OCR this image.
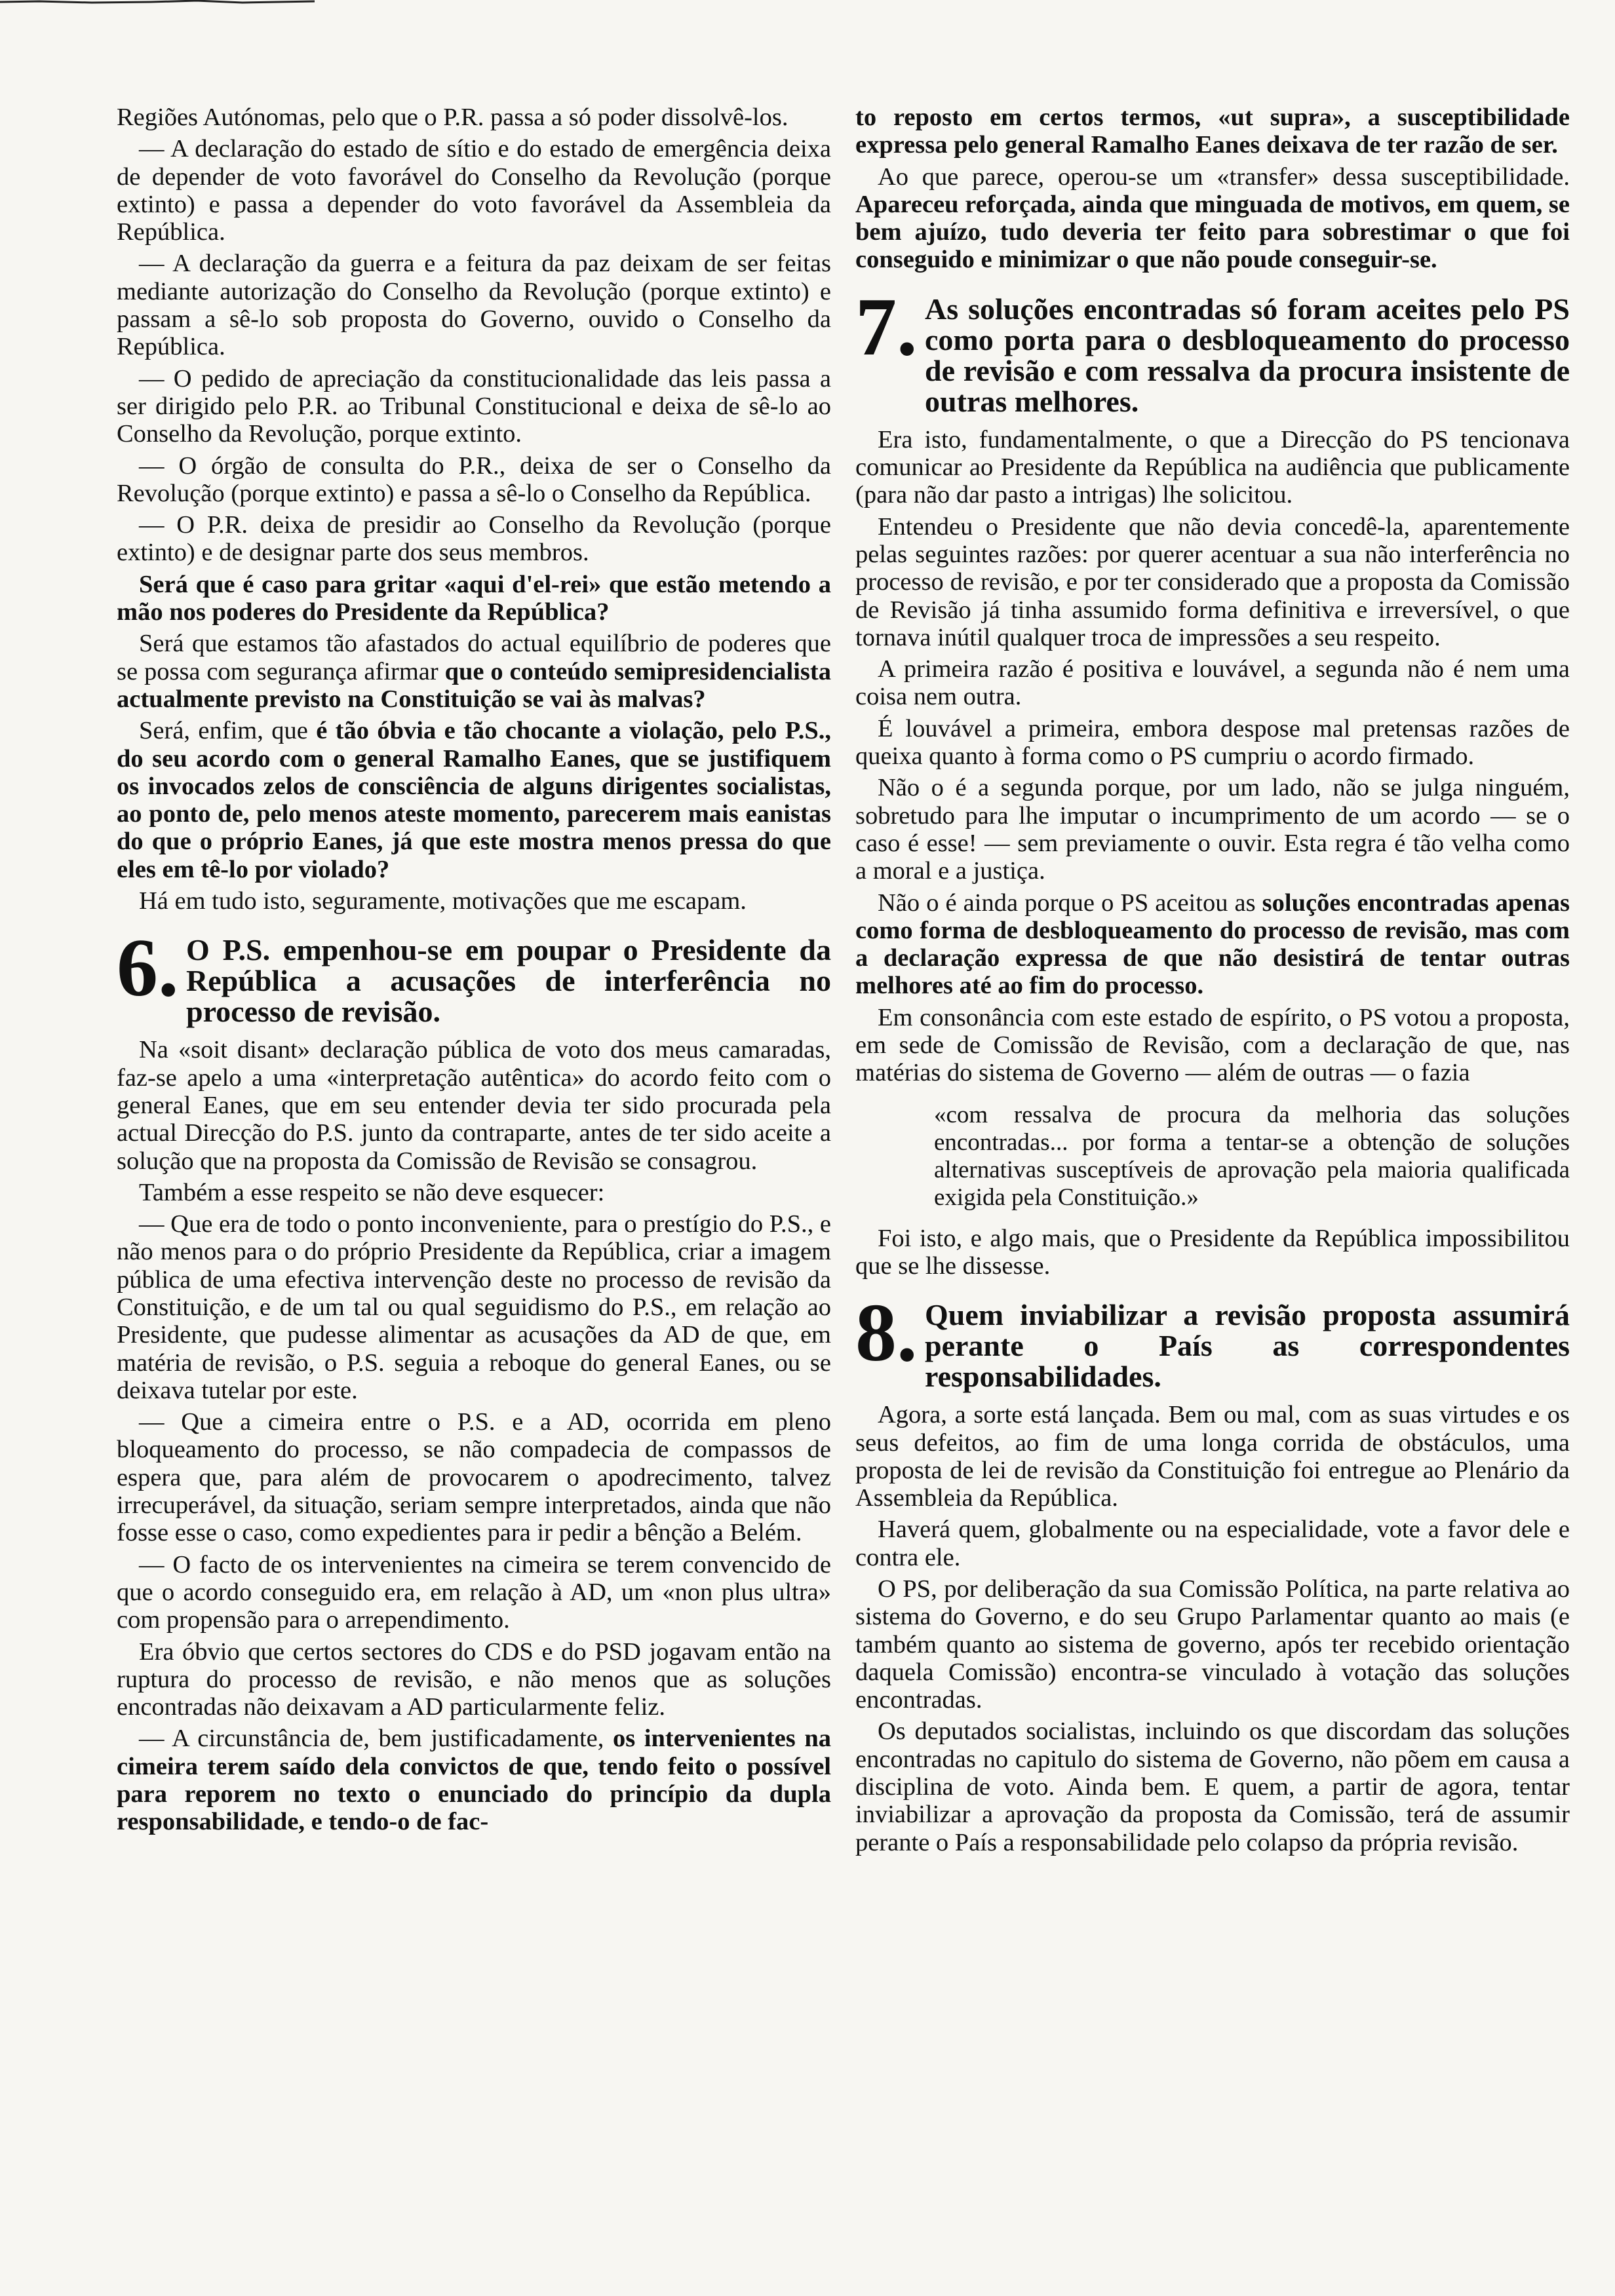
Regiões Autónomas, pelo que o P.R. passa a só poder dissolvê-los.

— A declaração do estado de sítio e do estado de emergência deixa de depender de voto favorável do Conselho da Revolução (porque extinto) e passa a depender do voto favorável da Assembleia da República.

— A declaração da guerra e a feitura da paz deixam de ser feitas mediante autorização do Conselho da Revolução (porque extinto) e passam a sê-lo sob proposta do Governo, ouvido o Conselho da República.

— O pedido de apreciação da constitucionalidade das leis passa a ser dirigido pelo P.R. ao Tribunal Constitucional e deixa de sê-lo ao Conselho da Revolução, porque extinto.

— O órgão de consulta do P.R., deixa de ser o Conselho da Revolução (porque extinto) e passa a sê-lo o Conselho da República.

— O P.R. deixa de presidir ao Conselho da Revolução (porque extinto) e de designar parte dos seus membros.

Será que é caso para gritar «aqui d'el-rei» que estão metendo a mão nos poderes do Presidente da República?

Será que estamos tão afastados do actual equilíbrio de poderes que se possa com segurança afirmar que o conteúdo semipresidencialista actualmente previsto na Constituição se vai às malvas?

Será, enfim, que é tão óbvia e tão chocante a violação, pelo P.S., do seu acordo com o general Ramalho Eanes, que se justifiquem os invocados zelos de consciência de alguns dirigentes socialistas, ao ponto de, pelo menos ateste momento, parecerem mais eanistas do que o próprio Eanes, já que este mostra menos pressa do que eles em tê-lo por violado?

Há em tudo isto, seguramente, motivações que me escapam.

6. O P.S. empenhou-se em poupar o Presidente da República a acusações de interferência no processo de revisão.

Na «soit disant» declaração pública de voto dos meus camaradas, faz-se apelo a uma «interpretação autêntica» do acordo feito com o general Eanes, que em seu entender devia ter sido procurada pela actual Direcção do P.S. junto da contraparte, antes de ter sido aceite a solução que na proposta da Comissão de Revisão se consagrou.

Também a esse respeito se não deve esquecer:

— Que era de todo o ponto inconveniente, para o prestígio do P.S., e não menos para o do próprio Presidente da República, criar a imagem pública de uma efectiva intervenção deste no processo de revisão da Constituição, e de um tal ou qual seguidismo do P.S., em relação ao Presidente, que pudesse alimentar as acusações da AD de que, em matéria de revisão, o P.S. seguia a reboque do general Eanes, ou se deixava tutelar por este.

— Que a cimeira entre o P.S. e a AD, ocorrida em pleno bloqueamento do processo, se não compadecia de compassos de espera que, para além de provocarem o apodrecimento, talvez irrecuperável, da situação, seriam sempre interpretados, ainda que não fosse esse o caso, como expedientes para ir pedir a bênção a Belém.

— O facto de os intervenientes na cimeira se terem convencido de que o acordo conseguido era, em relação à AD, um «non plus ultra» com propensão para o arrependimento.

Era óbvio que certos sectores do CDS e do PSD jogavam então na ruptura do processo de revisão, e não menos que as soluções encontradas não deixavam a AD particularmente feliz.

— A circunstância de, bem justificadamente, os intervenientes na cimeira terem saído dela convictos de que, tendo feito o possível para reporem no texto o enunciado do princípio da dupla responsabilidade, e tendo-o de fac-

to reposto em certos termos, «ut supra», a susceptibilidade expressa pelo general Ramalho Eanes deixava de ter razão de ser.

Ao que parece, operou-se um «transfer» dessa susceptibilidade. Apareceu reforçada, ainda que minguada de motivos, em quem, se bem ajuízo, tudo deveria ter feito para sobrestimar o que foi conseguido e minimizar o que não poude conseguir-se.

7. As soluções encontradas só foram aceites pelo PS como porta para o desbloqueamento do processo de revisão e com ressalva da procura insistente de outras melhores.

Era isto, fundamentalmente, o que a Direcção do PS tencionava comunicar ao Presidente da República na audiência que publicamente (para não dar pasto a intrigas) lhe solicitou.

Entendeu o Presidente que não devia concedê-la, aparentemente pelas seguintes razões: por querer acentuar a sua não interferência no processo de revisão, e por ter considerado que a proposta da Comissão de Revisão já tinha assumido forma definitiva e irreversível, o que tornava inútil qualquer troca de impressões a seu respeito.

A primeira razão é positiva e louvável, a segunda não é nem uma coisa nem outra.

É louvável a primeira, embora despose mal pretensas razões de queixa quanto à forma como o PS cumpriu o acordo firmado.

Não o é a segunda porque, por um lado, não se julga ninguém, sobretudo para lhe imputar o incumprimento de um acordo — se o caso é esse! — sem previamente o ouvir. Esta regra é tão velha como a moral e a justiça.

Não o é ainda porque o PS aceitou as soluções encontradas apenas como forma de desbloqueamento do processo de revisão, mas com a declaração expressa de que não desistirá de tentar outras melhores até ao fim do processo.

Em consonância com este estado de espírito, o PS votou a proposta, em sede de Comissão de Revisão, com a declaração de que, nas matérias do sistema de Governo — além de outras — o fazia

«com ressalva de procura da melhoria das soluções encontradas... por forma a tentar-se a obtenção de soluções alternativas susceptíveis de aprovação pela maioria qualificada exigida pela Constituição.»

Foi isto, e algo mais, que o Presidente da República impossibilitou que se lhe dissesse.

8. Quem inviabilizar a revisão proposta assumirá perante o País as correspondentes responsabilidades.

Agora, a sorte está lançada. Bem ou mal, com as suas virtudes e os seus defeitos, ao fim de uma longa corrida de obstáculos, uma proposta de lei de revisão da Constituição foi entregue ao Plenário da Assembleia da República.

Haverá quem, globalmente ou na especialidade, vote a favor dele e contra ele.

O PS, por deliberação da sua Comissão Política, na parte relativa ao sistema do Governo, e do seu Grupo Parlamentar quanto ao mais (e também quanto ao sistema de governo, após ter recebido orientação daquela Comissão) encontra-se vinculado à votação das soluções encontradas.

Os deputados socialistas, incluindo os que discordam das soluções encontradas no capitulo do sistema de Governo, não põem em causa a disciplina de voto. Ainda bem. E quem, a partir de agora, tentar inviabilizar a aprovação da proposta da Comissão, terá de assumir perante o País a responsabilidade pelo colapso da própria revisão.
